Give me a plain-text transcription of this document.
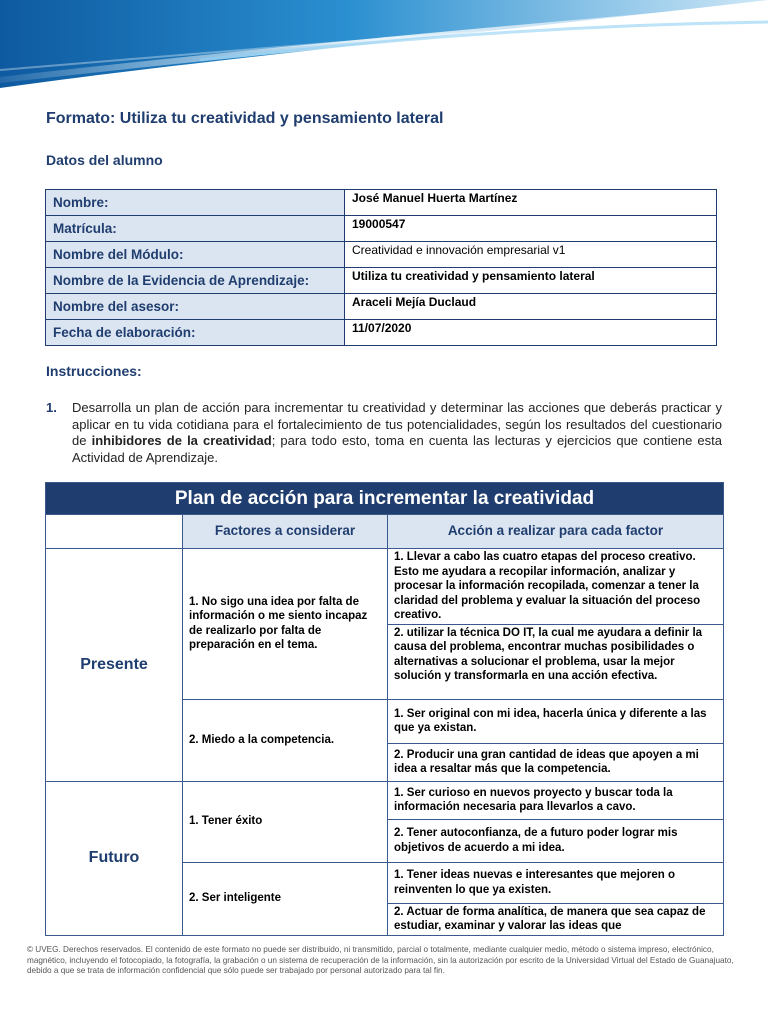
Formato: Utiliza tu creatividad y pensamiento lateral
Datos del alumno
Nombre:	José Manuel Huerta Martínez
Matrícula:	19000547
Nombre del Módulo:	Creatividad e innovación empresarial v1
Nombre de la Evidencia de Aprendizaje:	Utiliza tu creatividad y pensamiento lateral
Nombre del asesor:	Araceli Mejía Duclaud
Fecha de elaboración:	11/07/2020
Instrucciones:
1. Desarrolla un plan de acción para incrementar tu creatividad y determinar las acciones que deberás practicar y aplicar en tu vida cotidiana para el fortalecimiento de tus potencialidades, según los resultados del cuestionario de inhibidores de la creatividad; para todo esto, toma en cuenta las lecturas y ejercicios que contiene esta Actividad de Aprendizaje.
Plan de acción para incrementar la creatividad		
	Factores a considerar	Acción a realizar para cada factor
Presente	1. No sigo una idea por falta de información o me siento incapaz de realizarlo por falta de preparación en el tema.	1. Llevar a cabo las cuatro etapas del proceso creativo. Esto me ayudara a recopilar información, analizar y procesar la información recopilada, comenzar a tener la claridad del problema y evaluar la situación del proceso creativo.
		2. utilizar la técnica DO IT, la cual me ayudara a definir la causa del problema, encontrar muchas posibilidades o alternativas a solucionar el problema, usar la mejor solución y transformarla en una acción efectiva.
	2. Miedo a la competencia.	1. Ser original con mi idea, hacerla única y diferente a las que ya existan.
		2. Producir una gran cantidad de ideas que apoyen a mi idea a resaltar más que la competencia.
Futuro	1. Tener éxito	1. Ser curioso en nuevos proyecto y buscar toda la información necesaria para llevarlos a cavo.
		2. Tener autoconfianza, de a futuro poder lograr mis objetivos de acuerdo a mi idea.
	2. Ser inteligente	1. Tener ideas nuevas e interesantes que mejoren o reinventen lo que ya existen.
		2. Actuar de forma analítica, de manera que sea capaz de estudiar, examinar y valorar las ideas que
© UVEG. Derechos reservados. El contenido de este formato no puede ser distribuido, ni transmitido, parcial o totalmente, mediante cualquier medio, método o sistema impreso, electrónico, magnético, incluyendo el fotocopiado, la fotografía, la grabación o un sistema de recuperación de la información, sin la autorización por escrito de la Universidad Virtual del Estado de Guanajuato, debido a que se trata de información confidencial que sólo puede ser trabajado por personal autorizado para tal fin.
